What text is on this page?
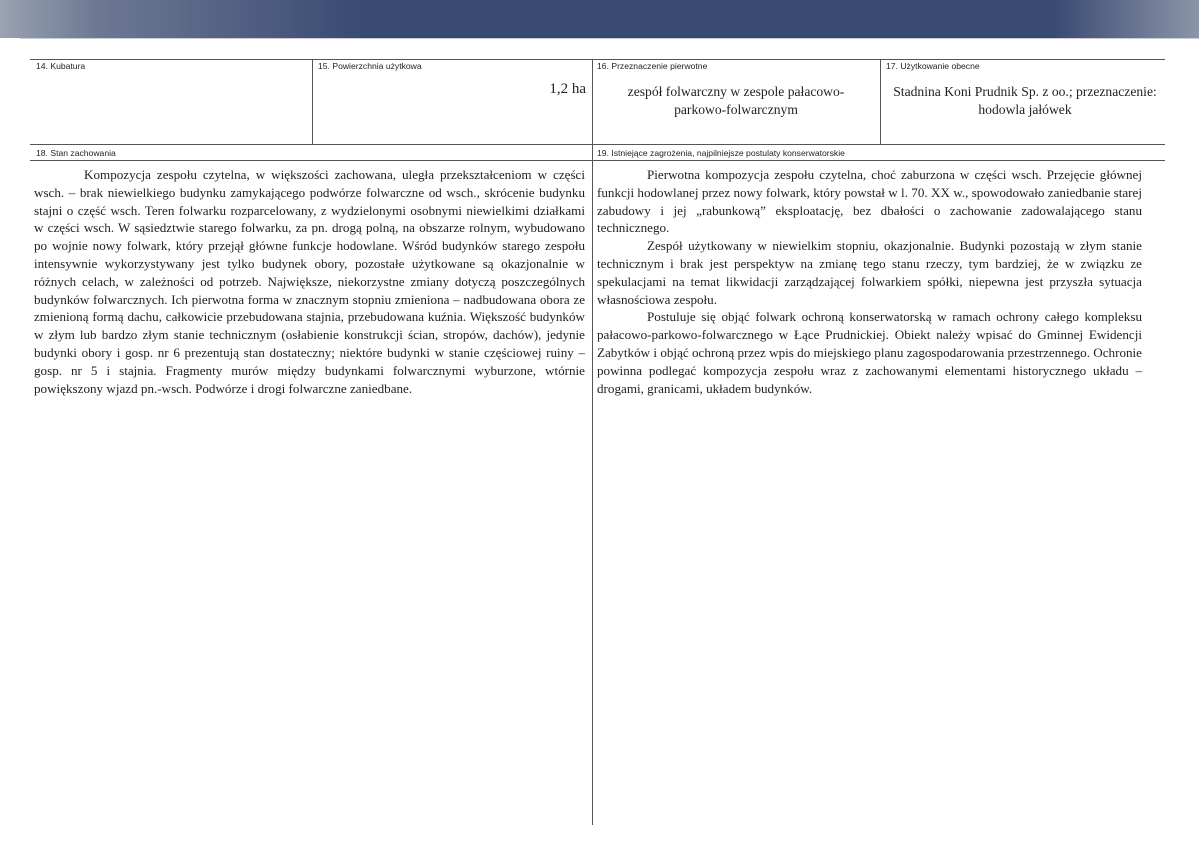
14. Kubatura	15. Powierzchnia użytkowa
1,2 ha
16. Przeznaczenie pierwotne
zespół folwarczny w zespole pałacowo-parkowo-folwarcznym
17. Użytkowanie obecne
Stadnina Koni Prudnik Sp. z oo.; przeznaczenie: hodowla jałówek
18. Stan zachowania	19. Istniejące zagrożenia, najpilniejsze postulaty konserwatorskie

Kompozycja zespołu czytelna, w większości zachowana, uległa przekształceniom w części wsch. – brak niewielkiego budynku zamykającego podwórze folwarczne od wsch., skrócenie budynku stajni o część wsch. Teren folwarku rozparcelowany, z wydzielonymi osobnymi niewielkimi działkami w części wsch. W sąsiedztwie starego folwarku, za pn. drogą polną, na obszarze rolnym, wybudowano po wojnie nowy folwark, który przejął główne funkcje hodowlane. Wśród budynków starego zespołu intensywnie wykorzystywany jest tylko budynek obory, pozostałe użytkowane są okazjonalnie w różnych celach, w zależności od potrzeb. Największe, niekorzystne zmiany dotyczą poszczególnych budynków folwarcznych. Ich pierwotna forma w znacznym stopniu zmieniona – nadbudowana obora ze zmienioną formą dachu, całkowicie przebudowana stajnia, przebudowana kuźnia. Większość budynków w złym lub bardzo złym stanie technicznym (osłabienie konstrukcji ścian, stropów, dachów), jedynie budynki obory i gosp. nr 6 prezentują stan dostateczny; niektóre budynki w stanie częściowej ruiny – gosp. nr 5 i stajnia. Fragmenty murów między budynkami folwarcznymi wyburzone, wtórnie powiększony wjazd pn.-wsch. Podwórze i drogi folwarczne zaniedbane.

Pierwotna kompozycja zespołu czytelna, choć zaburzona w części wsch. Przejęcie głównej funkcji hodowlanej przez nowy folwark, który powstał w l. 70. XX w., spowodowało zaniedbanie starej zabudowy i jej „rabunkową” eksploatację, bez dbałości o zachowanie zadowalającego stanu technicznego.

Zespół użytkowany w niewielkim stopniu, okazjonalnie. Budynki pozostają w złym stanie technicznym i brak jest perspektyw na zmianę tego stanu rzeczy, tym bardziej, że w związku ze spekulacjami na temat likwidacji zarządzającej folwarkiem spółki, niepewna jest przyszła sytuacja własnościowa zespołu.

Postuluje się objąć folwark ochroną konserwatorską w ramach ochrony całego kompleksu pałacowo-parkowo-folwarcznego w Łące Prudnickiej. Obiekt należy wpisać do Gminnej Ewidencji Zabytków i objąć ochroną przez wpis do miejskiego planu zagospodarowania przestrzennego. Ochronie powinna podlegać kompozycja zespołu wraz z zachowanymi elementami historycznego układu – drogami, granicami, układem budynków.
